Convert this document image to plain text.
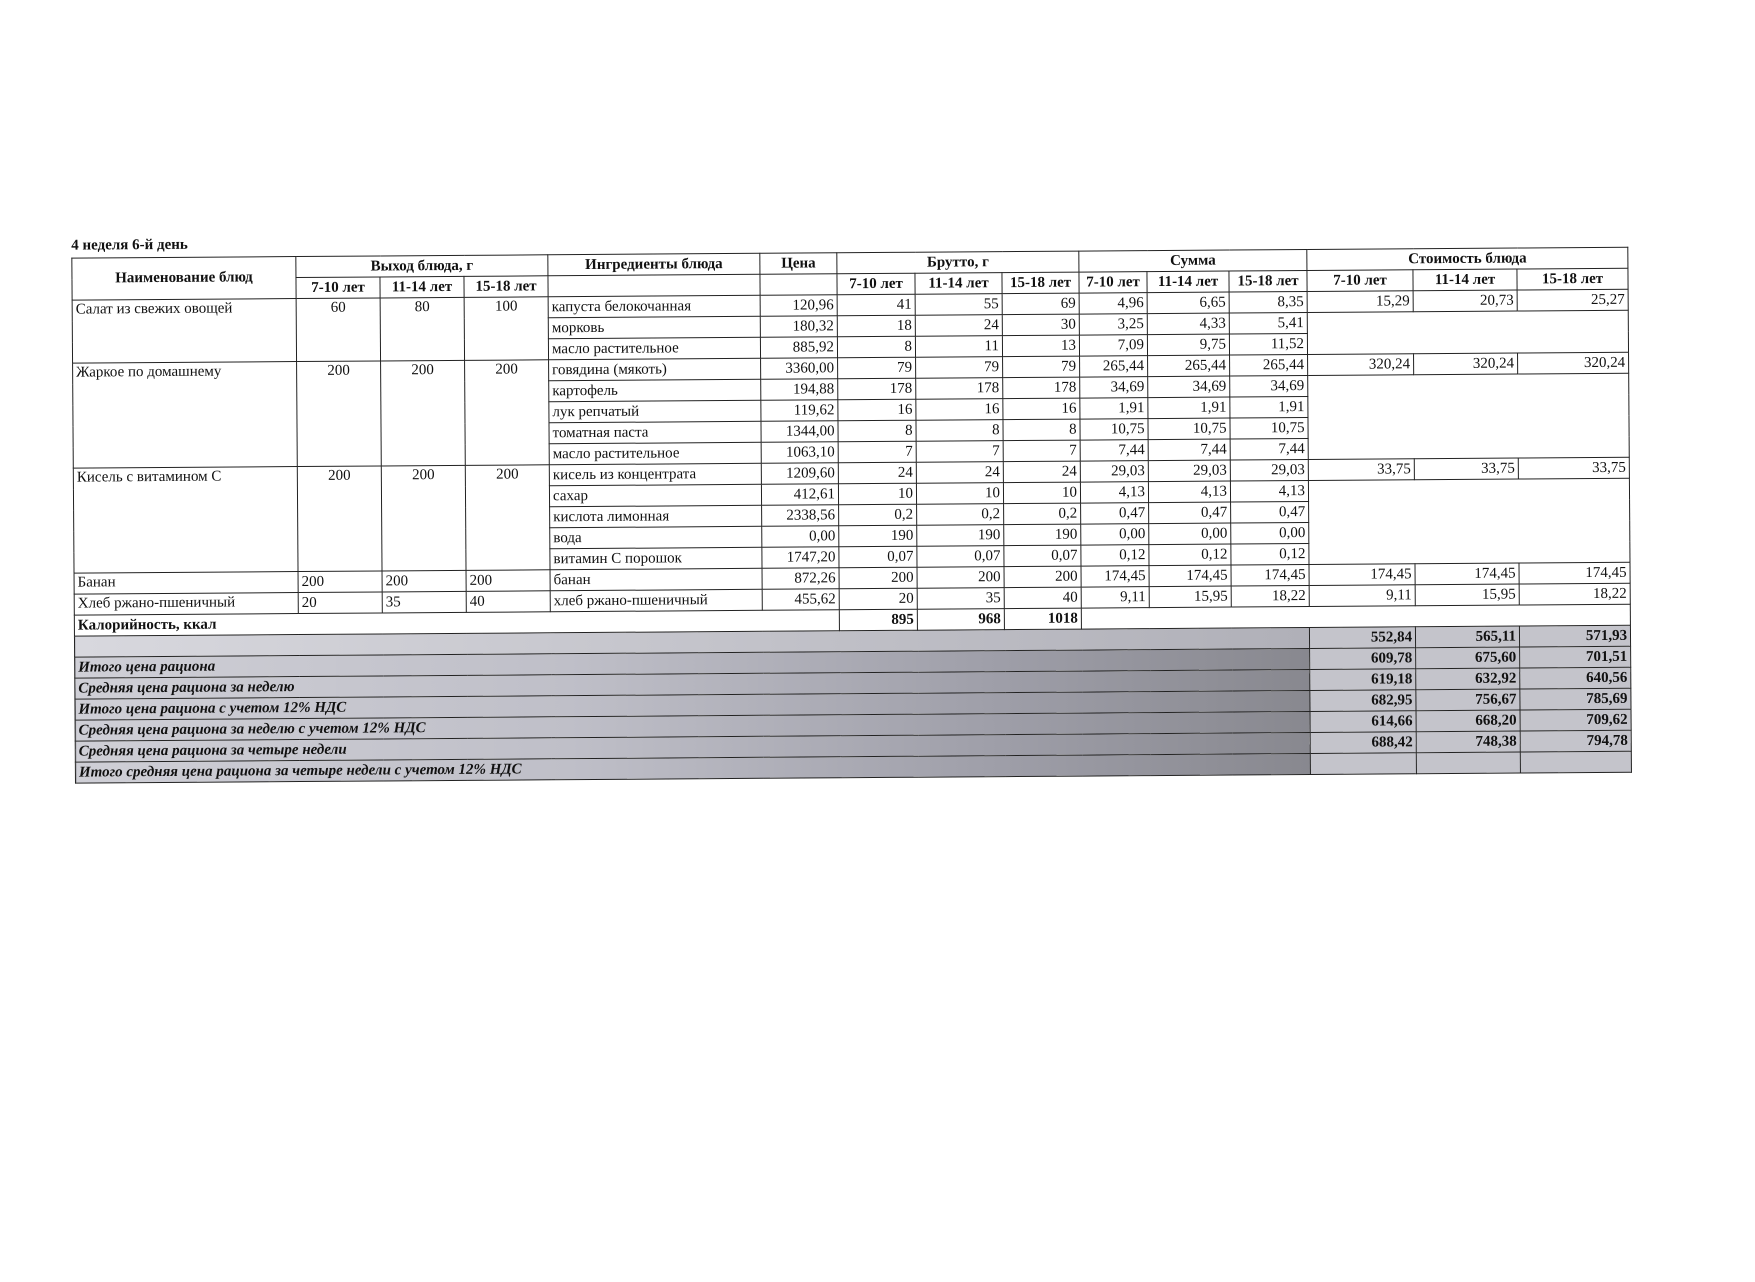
4 неделя 6-й день
Наименование блюд	Выход блюда, г			Ингредиенты блюда	Цена	Брутто, г			Сумма			Стоимость блюда		
	7-10 лет	11-14 лет	15-18 лет			7-10 лет	11-14 лет	15-18 лет	7-10 лет	11-14 лет	15-18 лет	7-10 лет	11-14 лет	15-18 лет
Салат из свежих овощей	60	80	100	капуста белокочанная	120,96	41	55	69	4,96	6,65	8,35	15,29	20,73	25,27
				морковь	180,32	18	24	30	3,25	4,33	5,41			
				масло растительное	885,92	8	11	13	7,09	9,75	11,52			
Жаркое по домашнему	200	200	200	говядина (мякоть)	3360,00	79	79	79	265,44	265,44	265,44	320,24	320,24	320,24
				картофель	194,88	178	178	178	34,69	34,69	34,69			
				лук репчатый	119,62	16	16	16	1,91	1,91	1,91			
				томатная паста	1344,00	8	8	8	10,75	10,75	10,75			
				масло растительное	1063,10	7	7	7	7,44	7,44	7,44			
Кисель с витамином С	200	200	200	кисель из концентрата	1209,60	24	24	24	29,03	29,03	29,03	33,75	33,75	33,75
				сахар	412,61	10	10	10	4,13	4,13	4,13			
				кислота лимонная	2338,56	0,2	0,2	0,2	0,47	0,47	0,47			
				вода	0,00	190	190	190	0,00	0,00	0,00			
				витамин С порошок	1747,20	0,07	0,07	0,07	0,12	0,12	0,12			
Банан	200	200	200	банан	872,26	200	200	200	174,45	174,45	174,45	174,45	174,45	174,45
Хлеб ржано-пшеничный	20	35	40	хлеб ржано-пшеничный	455,62	20	35	40	9,11	15,95	18,22	9,11	15,95	18,22
Калорийность, ккал						895	968	1018						
												552,84	565,11	571,93
Итого цена рациона												609,78	675,60	701,51
Средняя цена рациона за неделю												619,18	632,92	640,56
Итого цена рациона с учетом 12% НДС												682,95	756,67	785,69
Средняя цена рациона за неделю с учетом 12% НДС												614,66	668,20	709,62
Средняя цена рациона за четыре недели												688,42	748,38	794,78
Итого средняя цена рациона за четыре недели с учетом 12% НДС														
